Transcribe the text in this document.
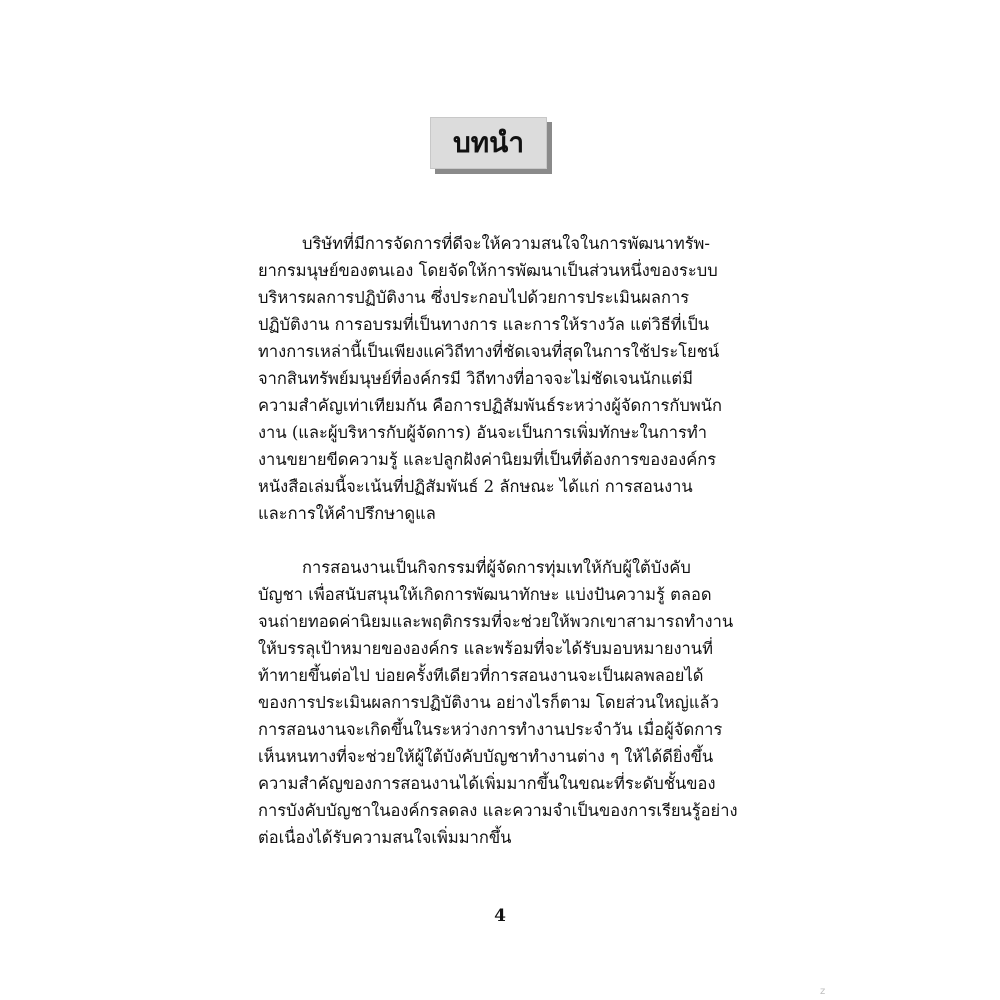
บทนำ

บริษัทที่มีการจัดการที่ดีจะให้ความสนใจในการพัฒนาทรัพ-
ยากรมนุษย์ของตนเอง โดยจัดให้การพัฒนาเป็นส่วนหนึ่งของระบบ
บริหารผลการปฏิบัติงาน ซึ่งประกอบไปด้วยการประเมินผลการ
ปฏิบัติงาน การอบรมที่เป็นทางการ และการให้รางวัล แต่วิธีที่เป็น
ทางการเหล่านี้เป็นเพียงแค่วิถีทางที่ชัดเจนที่สุดในการใช้ประโยชน์
จากสินทรัพย์มนุษย์ที่องค์กรมี วิถีทางที่อาจจะไม่ชัดเจนนักแต่มี
ความสำคัญเท่าเทียมกัน คือการปฏิสัมพันธ์ระหว่างผู้จัดการกับพนัก
งาน (และผู้บริหารกับผู้จัดการ) อันจะเป็นการเพิ่มทักษะในการทำ
งานขยายขีดความรู้ และปลูกฝังค่านิยมที่เป็นที่ต้องการขององค์กร
หนังสือเล่มนี้จะเน้นที่ปฏิสัมพันธ์ 2 ลักษณะ ได้แก่ การสอนงาน
และการให้คำปรึกษาดูแล

การสอนงานเป็นกิจกรรมที่ผู้จัดการทุ่มเทให้กับผู้ใต้บังคับ
บัญชา เพื่อสนับสนุนให้เกิดการพัฒนาทักษะ แบ่งปันความรู้ ตลอด
จนถ่ายทอดค่านิยมและพฤติกรรมที่จะช่วยให้พวกเขาสามารถทำงาน
ให้บรรลุเป้าหมายขององค์กร และพร้อมที่จะได้รับมอบหมายงานที่
ท้าทายขึ้นต่อไป บ่อยครั้งทีเดียวที่การสอนงานจะเป็นผลพลอยได้
ของการประเมินผลการปฏิบัติงาน อย่างไรก็ตาม โดยส่วนใหญ่แล้ว
การสอนงานจะเกิดขึ้นในระหว่างการทำงานประจำวัน เมื่อผู้จัดการ
เห็นหนทางที่จะช่วยให้ผู้ใต้บังคับบัญชาทำงานต่าง ๆ ให้ได้ดียิ่งขึ้น
ความสำคัญของการสอนงานได้เพิ่มมากขึ้นในขณะที่ระดับชั้นของ
การบังคับบัญชาในองค์กรลดลง และความจำเป็นของการเรียนรู้อย่าง
ต่อเนื่องได้รับความสนใจเพิ่มมากขึ้น

4
z
